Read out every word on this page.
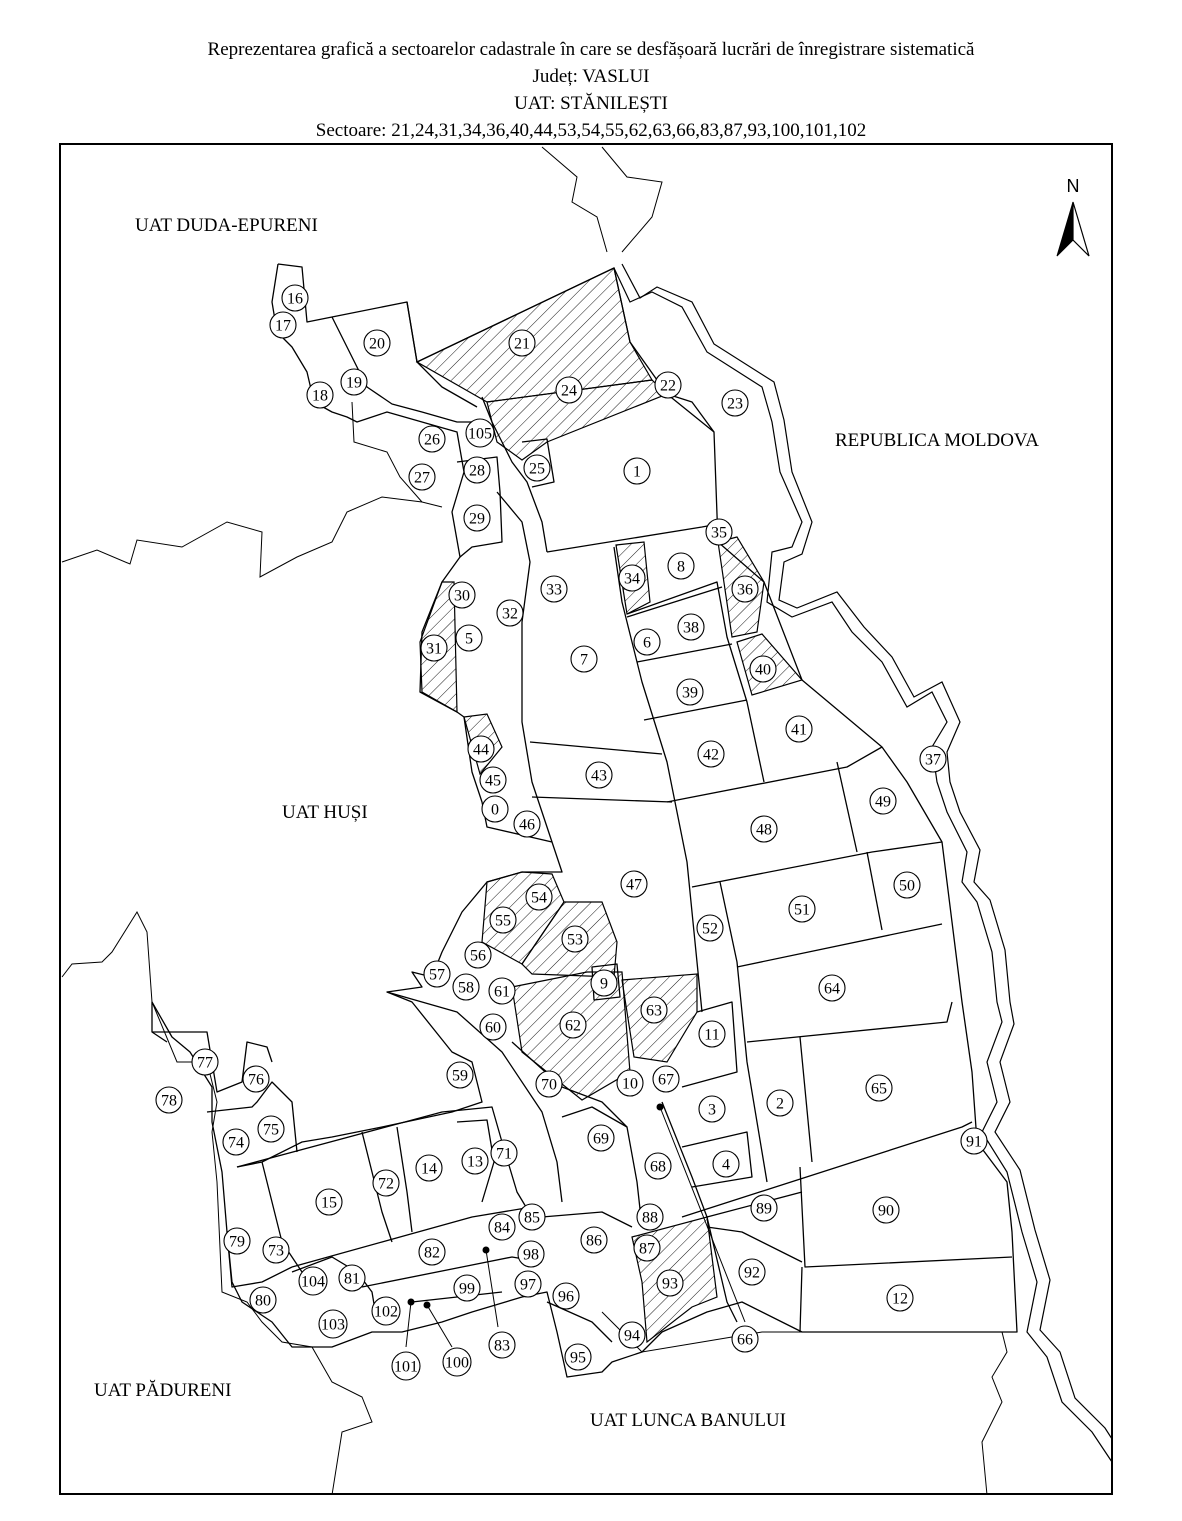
Reprezentarea grafică a sectoarelor cadastrale în care se desfășoară lucrări de înregistrare sistematică
Județ: VASLUI
UAT: STĂNILEȘTI
Sectoare: 21,24,31,34,36,40,44,53,54,55,62,63,66,83,87,93,100,101,102
N
UAT DUDA-EPURENI
REPUBLICA MOLDOVA
UAT HUȘI
UAT PĂDURENI
UAT LUNCA BANULUI
16
17
18
19
20	21
24	22
23
26 105
25
27 28	1
29
35
33
34
8
36
30
32
38
31
5	6
7
40
39
41
42	37
44
43
45
49
48
0
46
47	50
54
51
55	52
53
56
64
57
9
58 61
63
62
60	11
77
59
76	67
78
70	10	65
3	2
75
74
71
13
69	91
14	68	4
72
15
85	88
89	90
84
73
79	86
98
82	87
92
104 81	97	93
99
80	96
102
103
12
94	66
83
101 100	95
